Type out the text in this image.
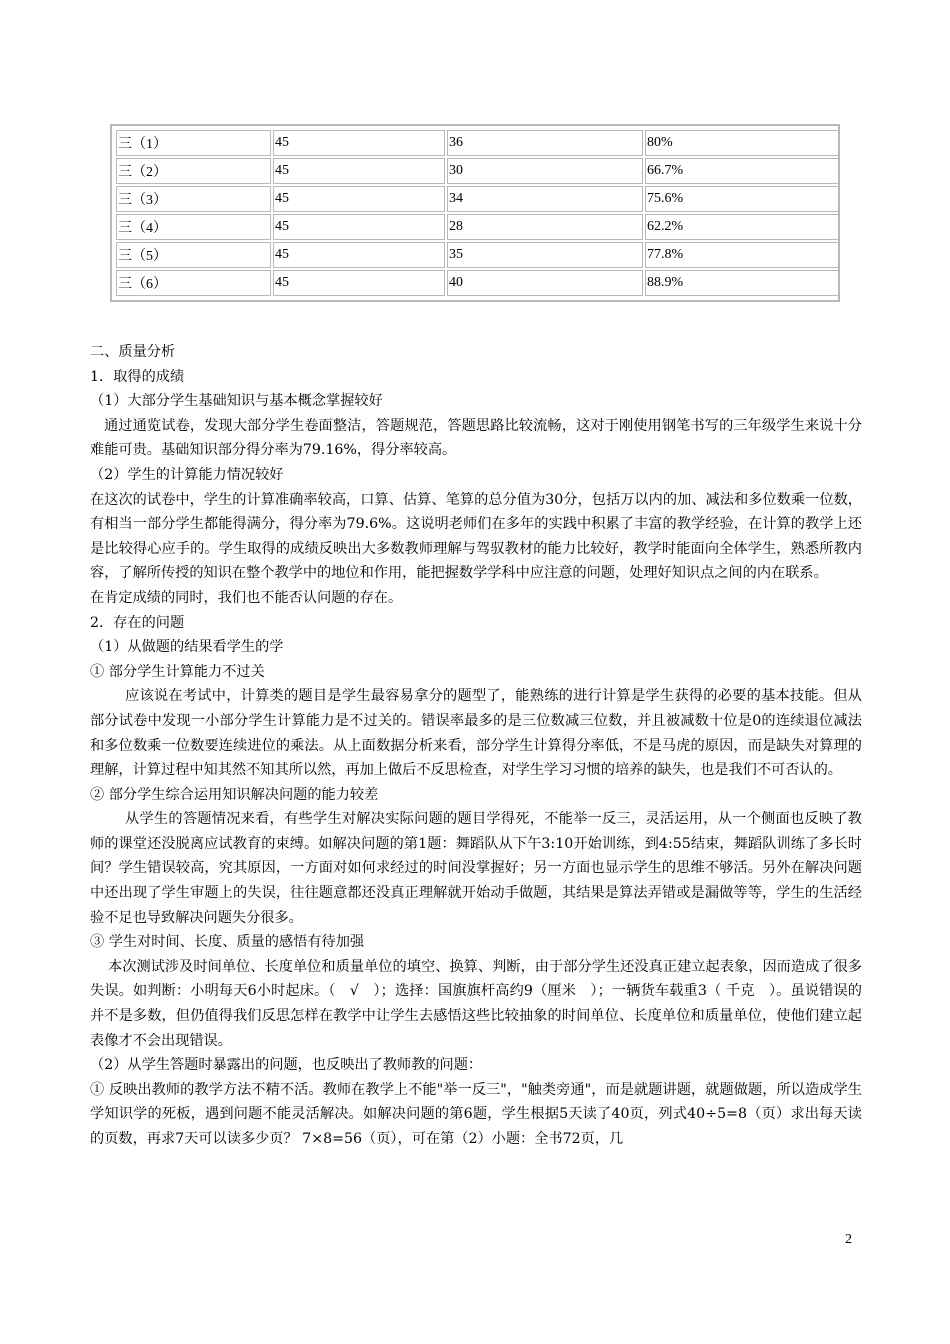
三（1）	45	36	80%
三（2）	45	30	66.7%
三（3）	45	34	75.6%
三（4）	45	28	62.2%
三（5）	45	35	77.8%
三（6）	45	40	88.9%

二、质量分析

1．取得的成绩

（1）大部分学生基础知识与基本概念掌握较好

通过通览试卷，发现大部分学生卷面整洁，答题规范，答题思路比较流畅，这对于刚使用钢笔书写的三年级学生来说十分难能可贵。基础知识部分得分率为79.16%，得分率较高。

（2）学生的计算能力情况较好

在这次的试卷中，学生的计算准确率较高，口算、估算、笔算的总分值为30分，包括万以内的加、减法和多位数乘一位数，有相当一部分学生都能得满分，得分率为79.6%。这说明老师们在多年的实践中积累了丰富的教学经验，在计算的教学上还是比较得心应手的。学生取得的成绩反映出大多数教师理解与驾驭教材的能力比较好，教学时能面向全体学生，熟悉所教内容，了解所传授的知识在整个教学中的地位和作用，能把握数学学科中应注意的问题，处理好知识点之间的内在联系。

在肯定成绩的同时，我们也不能否认问题的存在。

2．存在的问题

（1）从做题的结果看学生的学

① 部分学生计算能力不过关

应该说在考试中，计算类的题目是学生最容易拿分的题型了，能熟练的进行计算是学生获得的必要的基本技能。但从部分试卷中发现一小部分学生计算能力是不过关的。错误率最多的是三位数减三位数，并且被减数十位是0的连续退位减法和多位数乘一位数要连续进位的乘法。从上面数据分析来看，部分学生计算得分率低，不是马虎的原因，而是缺失对算理的理解，计算过程中知其然不知其所以然，再加上做后不反思检查，对学生学习习惯的培养的缺失，也是我们不可否认的。

② 部分学生综合运用知识解决问题的能力较差

从学生的答题情况来看，有些学生对解决实际问题的题目学得死，不能举一反三，灵活运用，从一个侧面也反映了教师的课堂还没脱离应试教育的束缚。如解决问题的第1题：舞蹈队从下午3:10开始训练，到4:55结束，舞蹈队训练了多长时间？学生错误较高，究其原因，一方面对如何求经过的时间没掌握好；另一方面也显示学生的思维不够活。另外在解决问题中还出现了学生审题上的失误，往往题意都还没真正理解就开始动手做题，其结果是算法弄错或是漏做等等，学生的生活经验不足也导致解决问题失分很多。

③ 学生对时间、长度、质量的感悟有待加强

本次测试涉及时间单位、长度单位和质量单位的填空、换算、判断，由于部分学生还没真正建立起表象，因而造成了很多失误。如判断：小明每天6小时起床。（　√　）；选择：国旗旗杆高约9（厘米　）；一辆货车载重3（ 千克　）。虽说错误的并不是多数，但仍值得我们反思怎样在教学中让学生去感悟这些比较抽象的时间单位、长度单位和质量单位，使他们建立起表像才不会出现错误。

（2）从学生答题时暴露出的问题，也反映出了教师教的问题：

① 反映出教师的教学方法不精不活。教师在教学上不能"举一反三"，"触类旁通"，而是就题讲题，就题做题，所以造成学生学知识学的死板，遇到问题不能灵活解决。如解决问题的第6题，学生根据5天读了40页，列式40÷5=8（页）求出每天读的页数，再求7天可以读多少页？ 7×8=56（页），可在第（2）小题：全书72页，几

2
